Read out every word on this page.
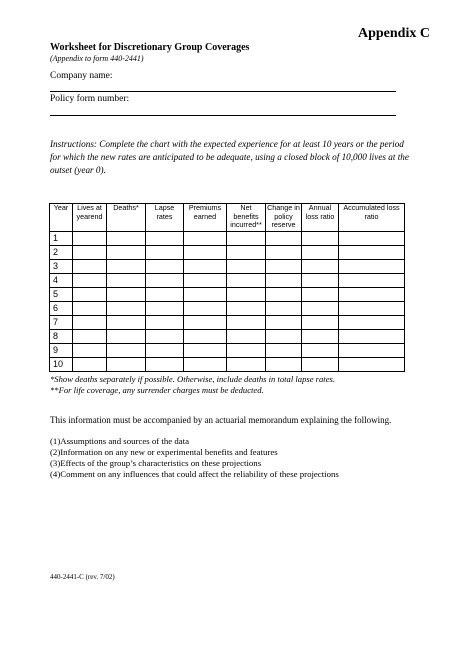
Appendix C
Worksheet for Discretionary Group Coverages
(Appendix to form 440-2441)
Company name:
Policy form number:
Instructions: Complete the chart with the expected experience for at least 10 years or the period for which the new rates are anticipated to be adequate, using a closed block of 10,000 lives at the outset (year 0).
Year	Lives at yearend	Deaths*	Lapse rates	Premiums earned	Net benefits incurred**	Change in policy reserve	Annual loss ratio	Accumulated loss ratio
1								
2								
3								
4								
5								
6								
7								
8								
9								
10								
*Show deaths separately if possible. Otherwise, include deaths in total lapse rates.
**For life coverage, any surrender charges must be deducted.
This information must be accompanied by an actuarial memorandum explaining the following.
(1)Assumptions and sources of the data
(2)Information on any new or experimental benefits and features
(3)Effects of the group’s characteristics on these projections
(4)Comment on any influences that could affect the reliability of these projections
440-2441-C (rev. 7/02)
